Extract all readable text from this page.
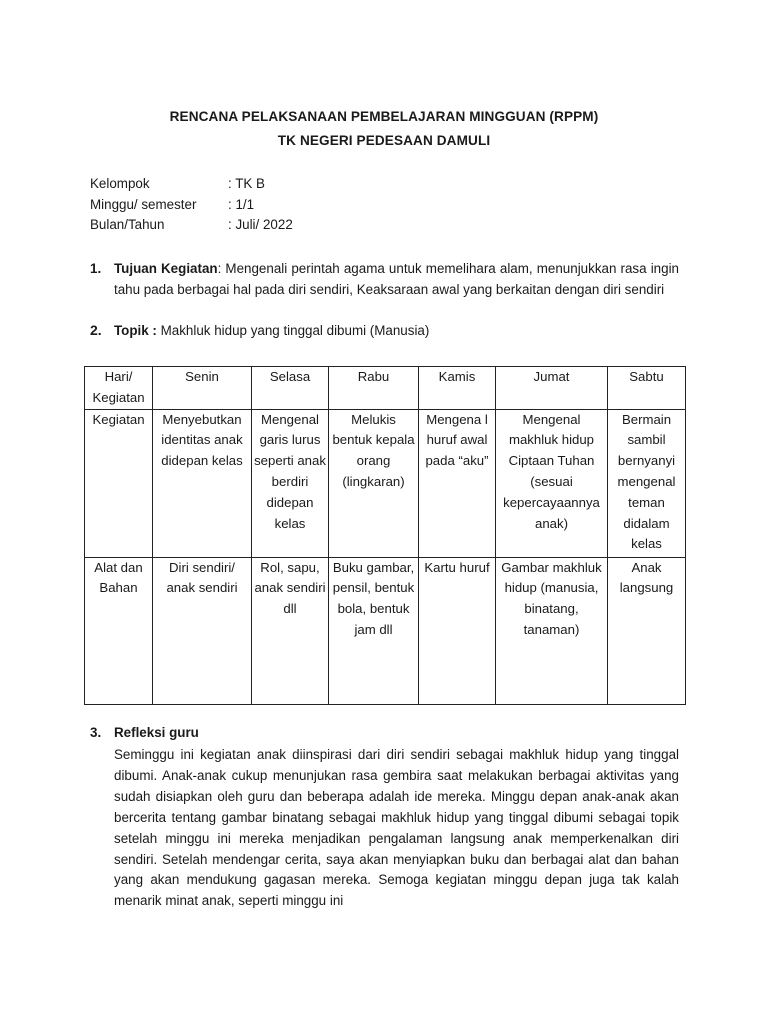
RENCANA PELAKSANAAN PEMBELAJARAN MINGGUAN (RPPM)
TK NEGERI PEDESAAN DAMULI
Kelompok	: TK B
Minggu/ semester	: 1/1
Bulan/Tahun	: Juli/ 2022
1. Tujuan Kegiatan: Mengenali perintah agama untuk memelihara alam, menunjukkan rasa ingin tahu pada berbagai hal pada diri sendiri, Keaksaraan awal yang berkaitan dengan diri sendiri
2. Topik : Makhluk hidup yang tinggal dibumi (Manusia)
Hari/ Kegiatan	Senin	Selasa	Rabu	Kamis	Jumat	Sabtu
Kegiatan	Menyebutkan identitas anak didepan kelas	Mengenal garis lurus seperti anak berdiri didepan kelas	Melukis bentuk kepala orang (lingkaran)	Mengena l huruf awal pada “aku”	Mengenal makhluk hidup Ciptaan Tuhan (sesuai kepercayaannya anak)	Bermain sambil bernyanyi mengenal teman didalam kelas
Alat dan Bahan	Diri sendiri/ anak sendiri	Rol, sapu, anak sendiri dll	Buku gambar, pensil, bentuk bola, bentuk jam dll	Kartu huruf	Gambar makhluk hidup (manusia, binatang, tanaman)	Anak langsung
3. Refleksi guru
Seminggu ini kegiatan anak diinspirasi dari diri sendiri sebagai makhluk hidup yang tinggal dibumi. Anak-anak cukup menunjukan rasa gembira saat melakukan berbagai aktivitas yang sudah disiapkan oleh guru dan beberapa adalah ide mereka. Minggu depan anak-anak akan bercerita tentang gambar binatang sebagai makhluk hidup yang tinggal dibumi sebagai topik setelah minggu ini mereka menjadikan pengalaman langsung anak memperkenalkan diri sendiri. Setelah mendengar cerita, saya akan menyiapkan buku dan berbagai alat dan bahan yang akan mendukung gagasan mereka. Semoga kegiatan minggu depan juga tak kalah menarik minat anak, seperti minggu ini
